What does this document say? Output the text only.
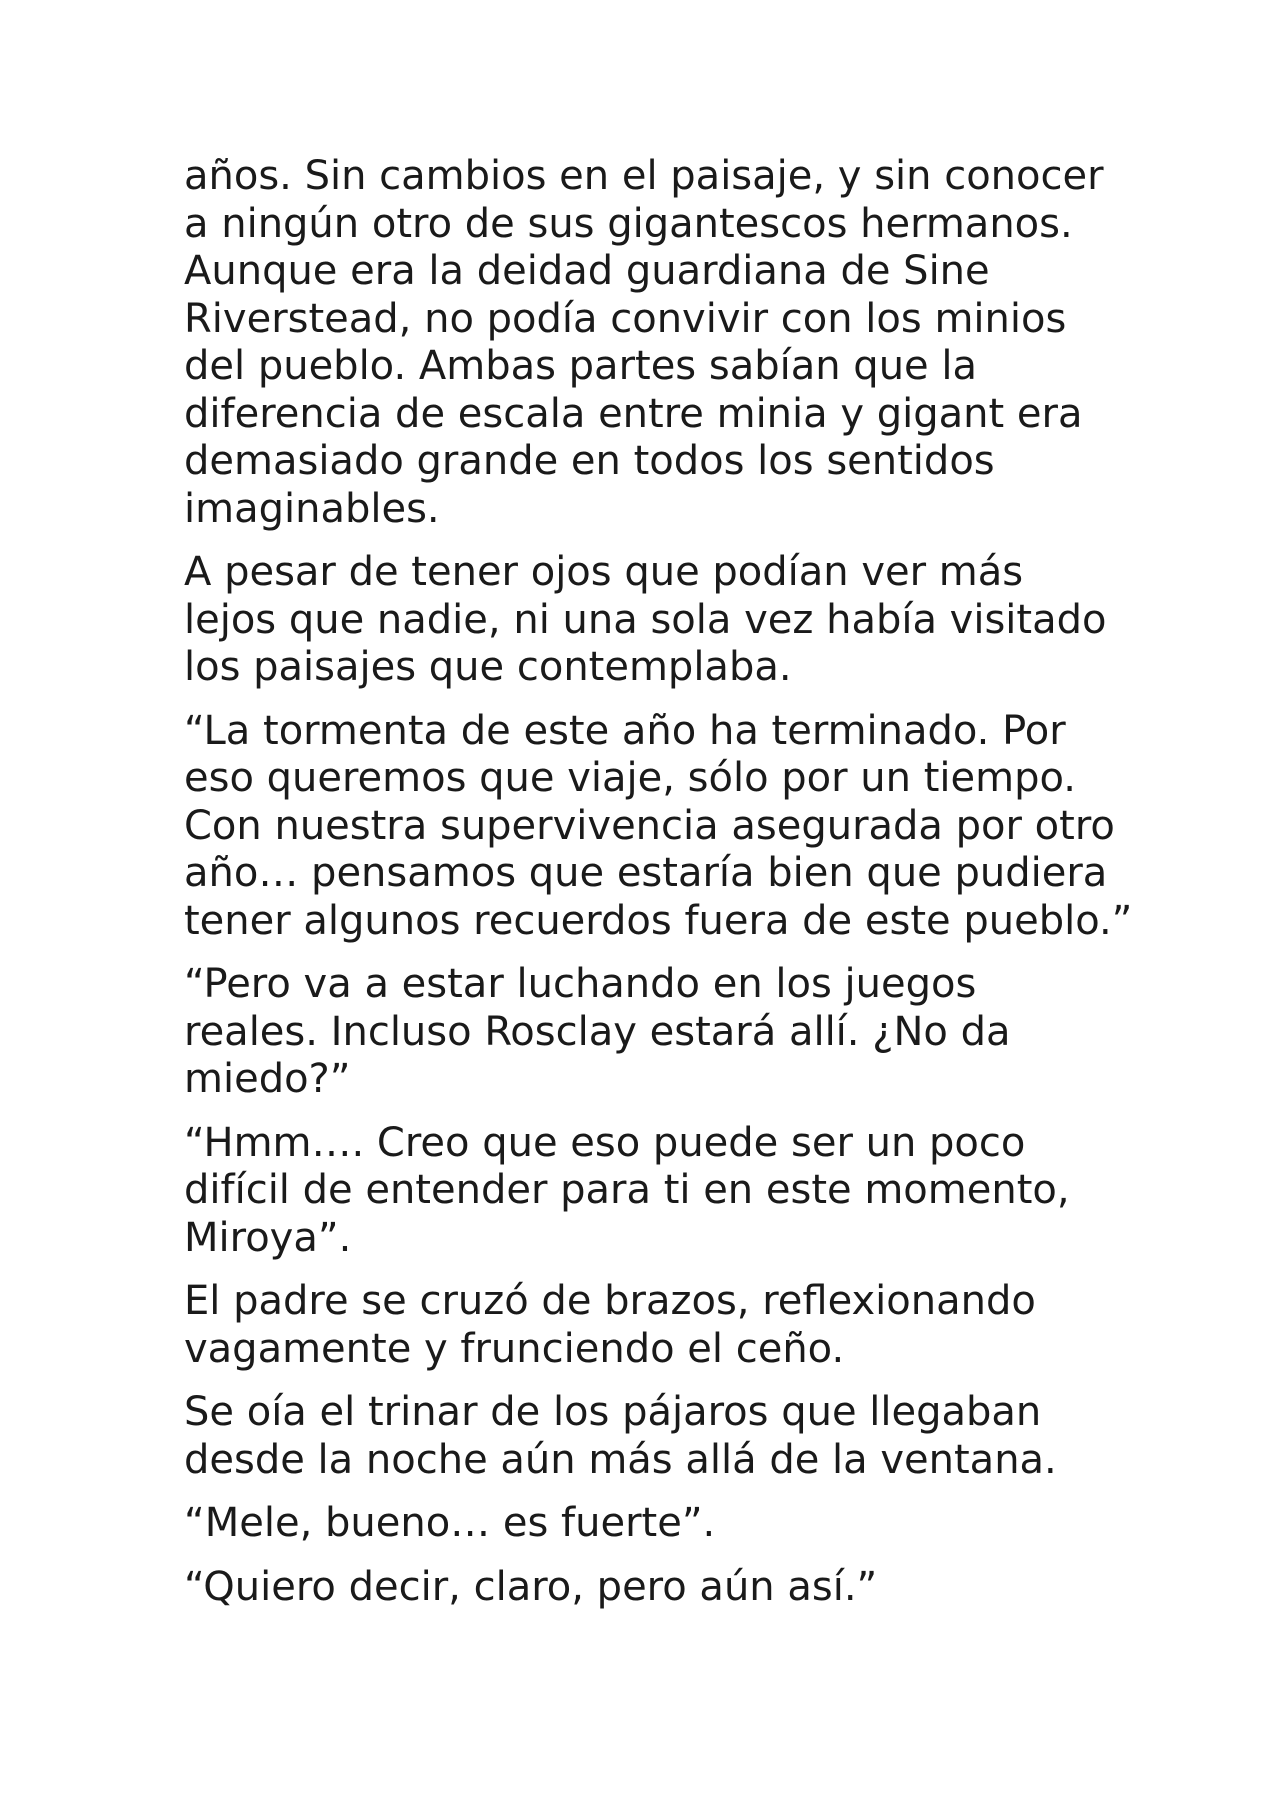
años. Sin cambios en el paisaje, y sin conocer
a ningún otro de sus gigantescos hermanos.
Aunque era la deidad guardiana de Sine
Riverstead, no podía convivir con los minios
del pueblo. Ambas partes sabían que la
diferencia de escala entre minia y gigant era
demasiado grande en todos los sentidos
imaginables.

A pesar de tener ojos que podían ver más
lejos que nadie, ni una sola vez había visitado
los paisajes que contemplaba.

“La tormenta de este año ha terminado. Por
eso queremos que viaje, sólo por un tiempo.
Con nuestra supervivencia asegurada por otro
año… pensamos que estaría bien que pudiera
tener algunos recuerdos fuera de este pueblo.”

“Pero va a estar luchando en los juegos
reales. Incluso Rosclay estará allí. ¿No da
miedo?”

“Hmm…. Creo que eso puede ser un poco
difícil de entender para ti en este momento,
Miroya”.

El padre se cruzó de brazos, reflexionando
vagamente y frunciendo el ceño.

Se oía el trinar de los pájaros que llegaban
desde la noche aún más allá de la ventana.

“Mele, bueno… es fuerte”.

“Quiero decir, claro, pero aún así.”
